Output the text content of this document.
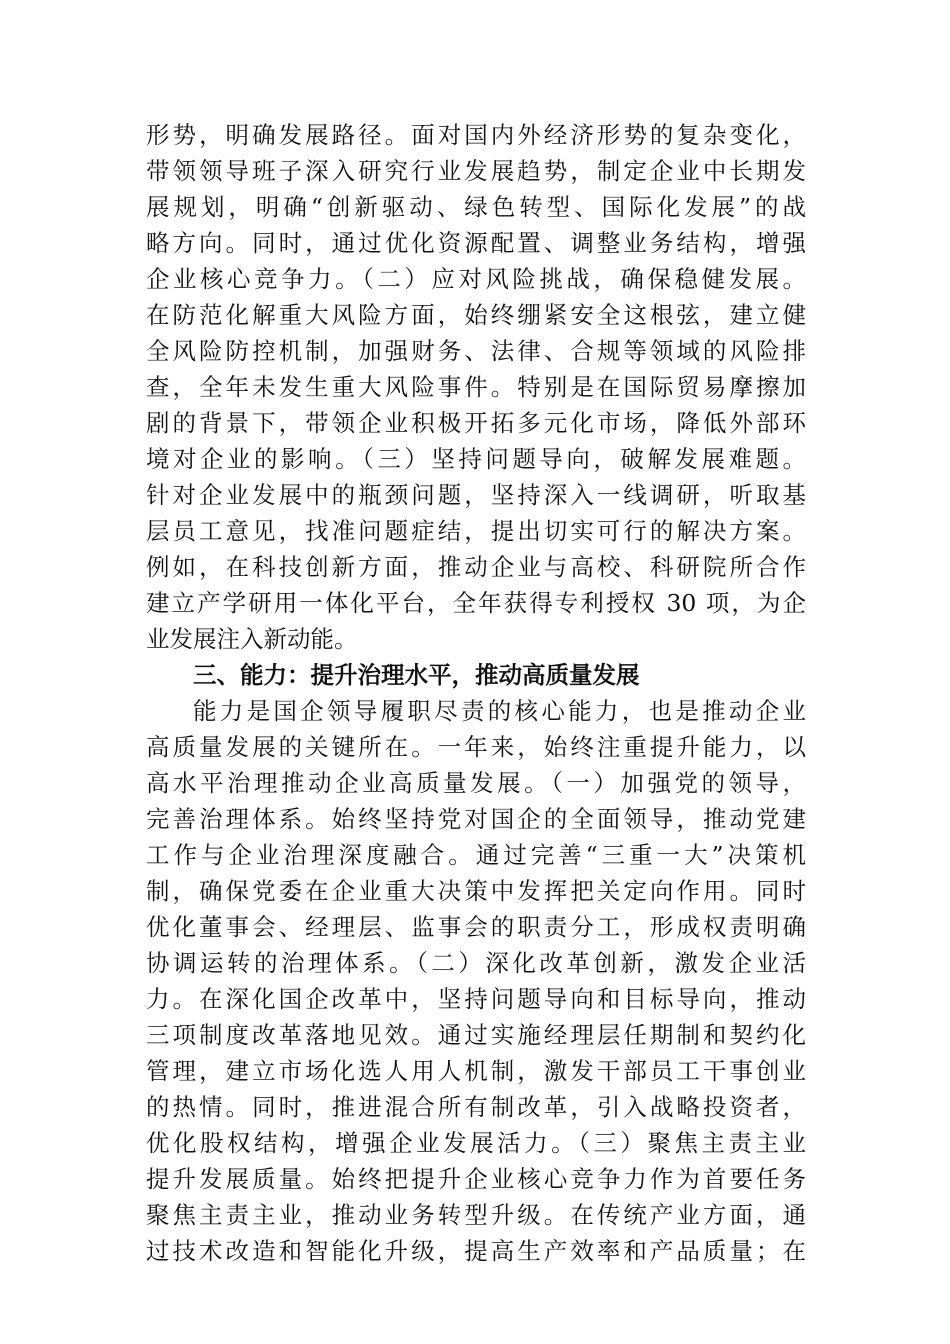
形势，明确发展路径。面对国内外经济形势的复杂变化，
带领领导班子深入研究行业发展趋势，制定企业中长期发
展规划，明确“创新驱动、绿色转型、国际化发展”的战
略方向。同时，通过优化资源配置、调整业务结构，增强
企业核心竞争力。（二）应对风险挑战，确保稳健发展。
在防范化解重大风险方面，始终绷紧安全这根弦，建立健
全风险防控机制，加强财务、法律、合规等领域的风险排
查，全年未发生重大风险事件。特别是在国际贸易摩擦加
剧的背景下，带领企业积极开拓多元化市场，降低外部环
境对企业的影响。（三）坚持问题导向，破解发展难题。
针对企业发展中的瓶颈问题，坚持深入一线调研，听取基
层员工意见，找准问题症结，提出切实可行的解决方案。
例如，在科技创新方面，推动企业与高校、科研院所合作
建立产学研用一体化平台，全年获得专利授权 30 项，为企
业发展注入新动能。
三、能力：提升治理水平，推动高质量发展
能力是国企领导履职尽责的核心能力，也是推动企业
高质量发展的关键所在。一年来，始终注重提升能力，以
高水平治理推动企业高质量发展。（一）加强党的领导，
完善治理体系。始终坚持党对国企的全面领导，推动党建
工作与企业治理深度融合。通过完善“三重一大”决策机
制，确保党委在企业重大决策中发挥把关定向作用。同时
优化董事会、经理层、监事会的职责分工，形成权责明确
协调运转的治理体系。（二）深化改革创新，激发企业活
力。在深化国企改革中，坚持问题导向和目标导向，推动
三项制度改革落地见效。通过实施经理层任期制和契约化
管理，建立市场化选人用人机制，激发干部员工干事创业
的热情。同时，推进混合所有制改革，引入战略投资者，
优化股权结构，增强企业发展活力。（三）聚焦主责主业
提升发展质量。始终把提升企业核心竞争力作为首要任务
聚焦主责主业，推动业务转型升级。在传统产业方面，通
过技术改造和智能化升级，提高生产效率和产品质量；在
